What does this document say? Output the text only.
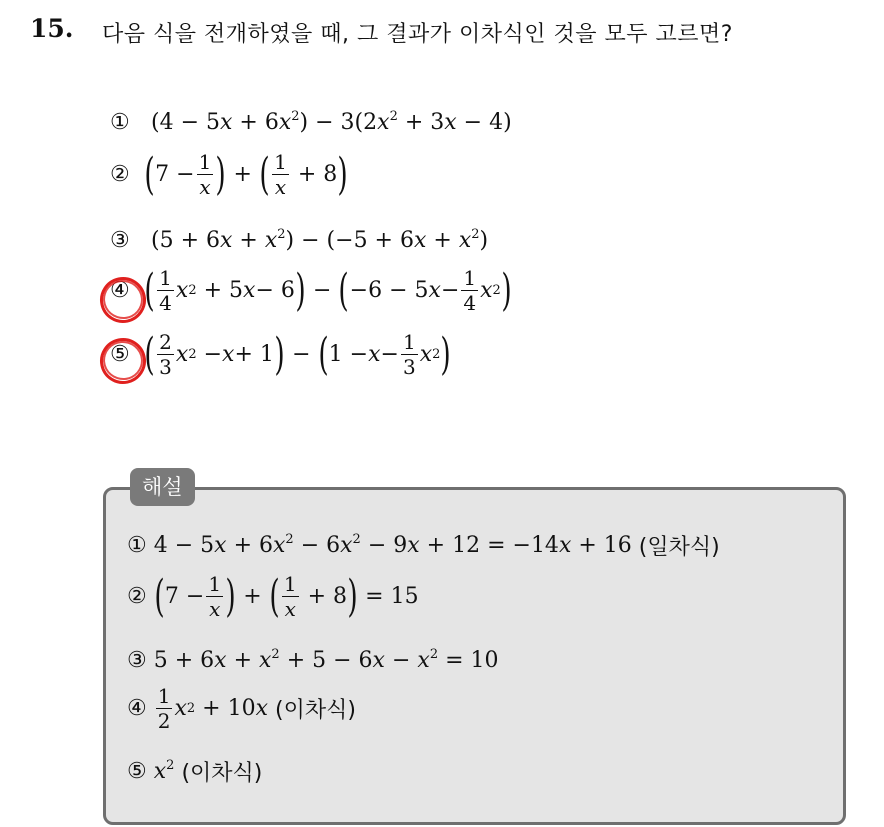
15. 다음 식을 전개하였을 때, 그 결과가 이차식인 것을 모두 고르면?
① $(4 - 5x + 6x^2) - 3(2x^2 + 3x - 4)$
② ( $7 - \frac{1}{x}$ ) + ( $\frac{1}{x} + 8$ )
③ $(5 + 6x + x^2) - (-5 + 6x + x^2)$
④ ( $\frac{1}{4}$ x 2 + 5 x − 6 ) − ( −6 − 5 $x - \frac{1}{4}$ x 2 )
⑤ ( $\frac{2}{3}$ x 2 − x + 1 ) − ( $1 - x - \frac{1}{3}$ x 2 )
해설
① $4 - 5x + 6x^2 - 6x^2 - 9x + 12 = -14x + 16$ (일차식)
②
( $7 - \frac{1}{x}$ ) + ( $\frac{1}{x} + 8$ ) = 15
③ $5 + 6x + x^2 + 5 - 6x - x^2 = 10$
④
$\frac{1}{2}$ x 2 + 10 x
(이차식)
⑤ $x^2$ (이차식)
